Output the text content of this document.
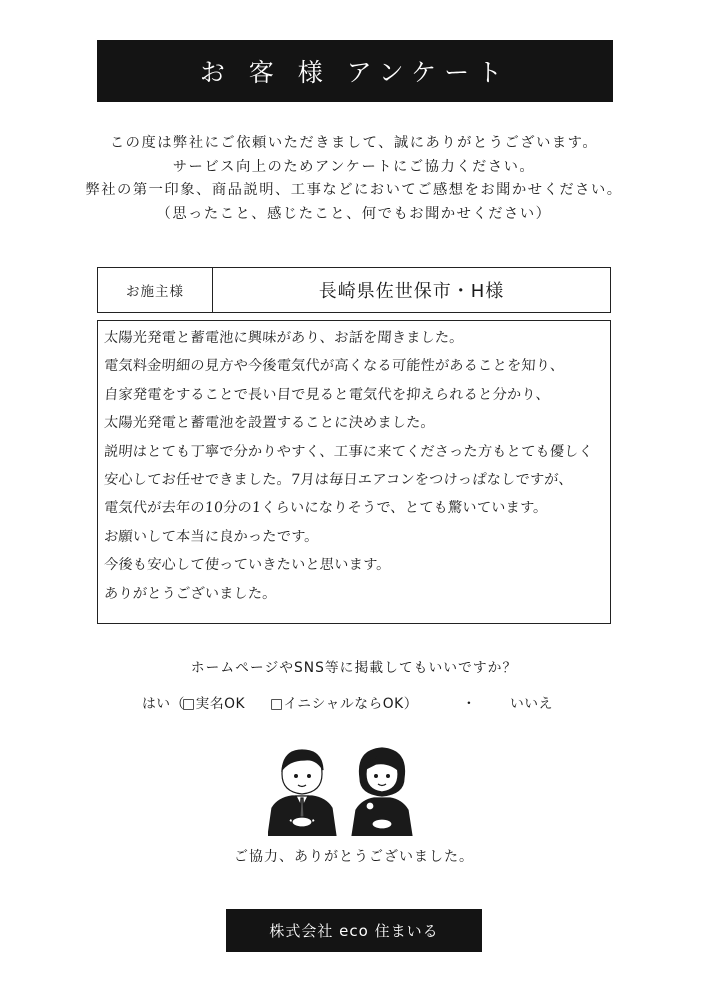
お 客 様 アンケート
この度は弊社にご依頼いただきまして、誠にありがとうございます。
サービス向上のためアンケートにご協力ください。
弊社の第一印象、商品説明、工事などにおいてご感想をお聞かせください。
（思ったこと、感じたこと、何でもお聞かせください）
お施主様	長崎県佐世保市・H様
太陽光発電と蓄電池に興味があり、お話を聞きました。
電気料金明細の見方や今後電気代が高くなる可能性があることを知り、
自家発電をすることで長い目で見ると電気代を抑えられると分かり、
太陽光発電と蓄電池を設置することに決めました。
説明はとても丁寧で分かりやすく、工事に来てくださった方もとても優しく
安心してお任せできました。7月は毎日エアコンをつけっぱなしですが、
電気代が去年の10分の1くらいになりそうで、とても驚いています。
お願いして本当に良かったです。
今後も安心して使っていきたいと思います。
ありがとうございました。
ホームページやSNS等に掲載してもいいですか？
はい（
□実名OK □イニシャルならOK）	・ いいえ
ご協力、ありがとうございました。
株式会社 eco 住まいる
